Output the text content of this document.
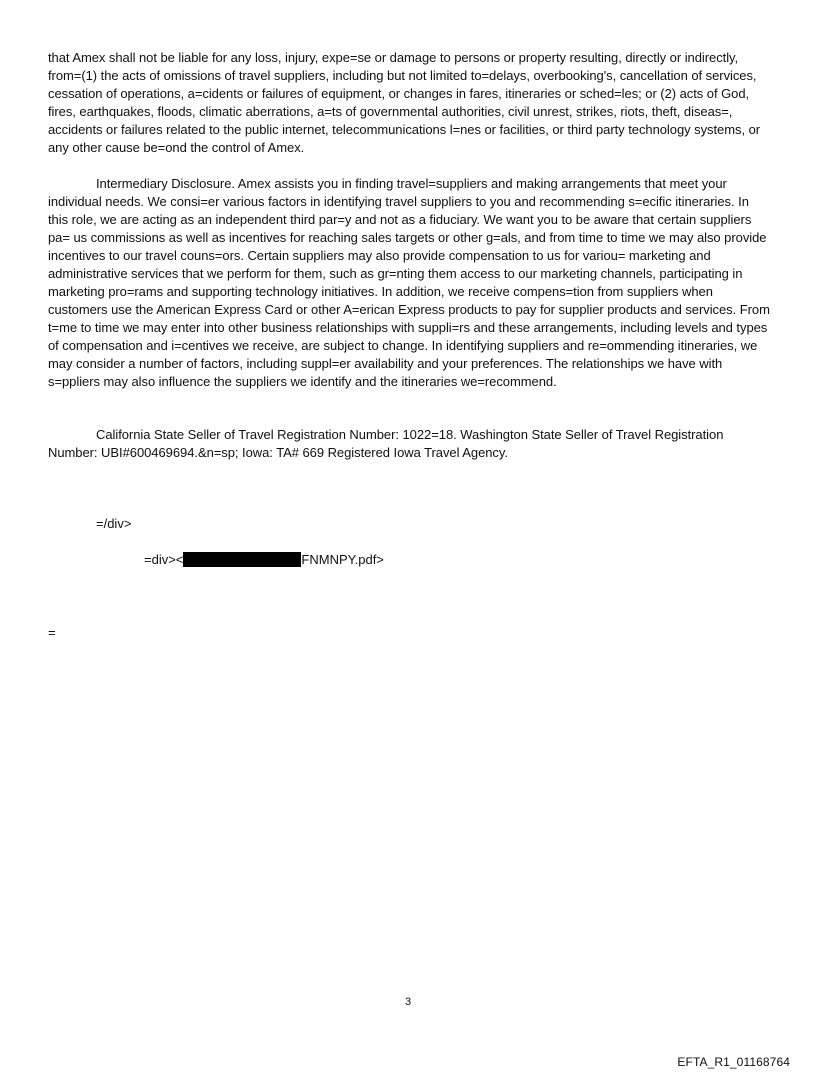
that Amex shall not be liable for any loss, injury, expe=se or damage to persons or property resulting, directly or indirectly, from=(1) the acts of omissions of travel suppliers, including but not limited to=delays, overbooking's, cancellation of services, cessation of operations, a=cidents or failures of equipment, or changes in fares, itineraries or sched=les; or (2) acts of God, fires, earthquakes, floods, climatic aberrations, a=ts of governmental authorities, civil unrest, strikes, riots, theft, diseas=, accidents or failures related to the public internet, telecommunications l=nes or facilities, or third party technology systems, or any other cause be=ond the control of Amex.
Intermediary Disclosure. Amex assists you in finding travel=suppliers and making arrangements that meet your individual needs. We consi=er various factors in identifying travel suppliers to you and recommending s=ecific itineraries. In this role, we are acting as an independent third par=y and not as a fiduciary. We want you to be aware that certain suppliers pa= us commissions as well as incentives for reaching sales targets or other g=als, and from time to time we may also provide incentives to our travel couns=ors. Certain suppliers may also provide compensation to us for variou= marketing and administrative services that we perform for them, such as gr=nting them access to our marketing channels, participating in marketing pro=rams and supporting technology initiatives. In addition, we receive compens=tion from suppliers when customers use the American Express Card or other A=erican Express products to pay for supplier products and services. From t=me to time we may enter into other business relationships with suppli=rs and these arrangements, including levels and types of compensation and i=centives we receive, are subject to change. In identifying suppliers and re=ommending itineraries, we may consider a number of factors, including suppl=er availability and your preferences. The relationships we have with s=ppliers may also influence the suppliers we identify and the itineraries we=recommend.
California State Seller of Travel Registration Number: 1022=18. Washington State Seller of Travel Registration Number: UBI#600469694.&n=sp; Iowa: TA# 669 Registered Iowa Travel Agency.
=/div>
=div><	FNMNPY.pdf>
=
3
EFTA_R1_01168764
